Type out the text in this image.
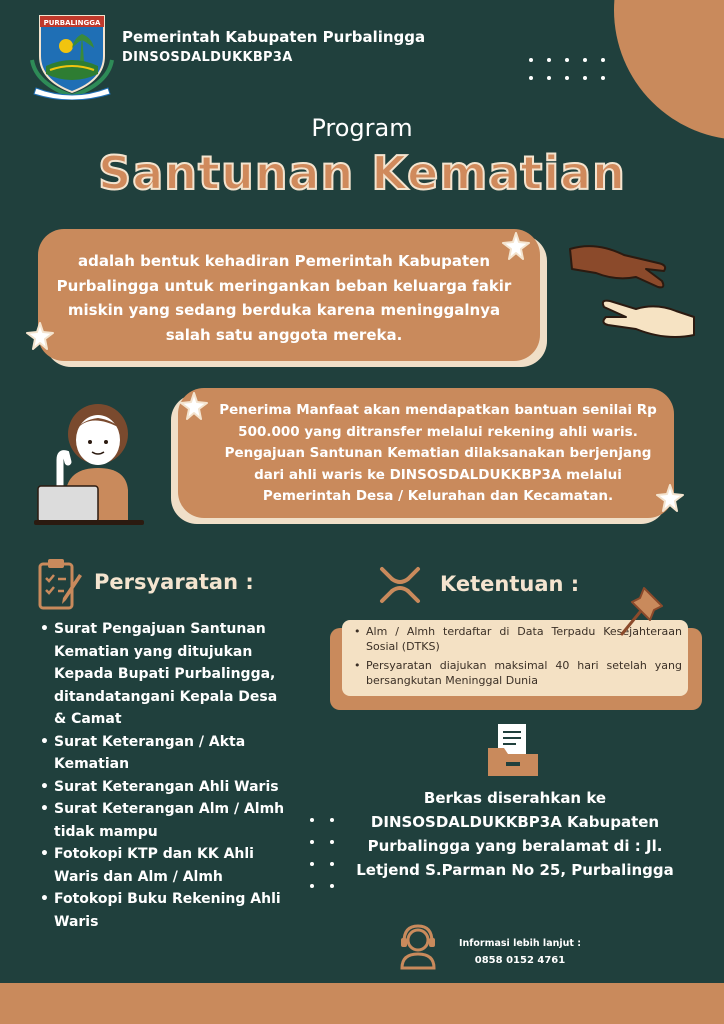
PURBALINGGA
Pemerintah Kabupaten Purbalingga
DINSOSDALDUKKBP3A
Program
Santunan Kematian
adalah bentuk kehadiran Pemerintah Kabupaten Purbalingga untuk meringankan beban keluarga fakir miskin yang sedang berduka karena meninggalnya salah satu anggota mereka.
Penerima Manfaat akan mendapatkan bantuan senilai Rp 500.000 yang ditransfer melalui rekening ahli waris. Pengajuan Santunan Kematian dilaksanakan berjenjang dari ahli waris ke DINSOSDALDUKKBP3A melalui Pemerintah Desa / Kelurahan dan Kecamatan.
Persyaratan :
• Surat Pengajuan Santunan Kematian yang ditujukan Kepada Bupati Purbalingga, ditandatangani Kepala Desa & Camat
• Surat Keterangan / Akta Kematian
• Surat Keterangan Ahli Waris
• Surat Keterangan Alm / Almh tidak mampu
• Fotokopi KTP dan KK Ahli Waris dan Alm / Almh
• Fotokopi Buku Rekening Ahli Waris
Ketentuan :
• Alm / Almh terdaftar di Data Terpadu Kesejahteraan Sosial (DTKS)
• Persyaratan diajukan maksimal 40 hari setelah yang bersangkutan Meninggal Dunia
Berkas diserahkan ke DINSOSDALDUKKBP3A Kabupaten Purbalingga yang beralamat di : Jl. Letjend S.Parman No 25, Purbalingga
Informasi lebih lanjut :
0858 0152 4761
